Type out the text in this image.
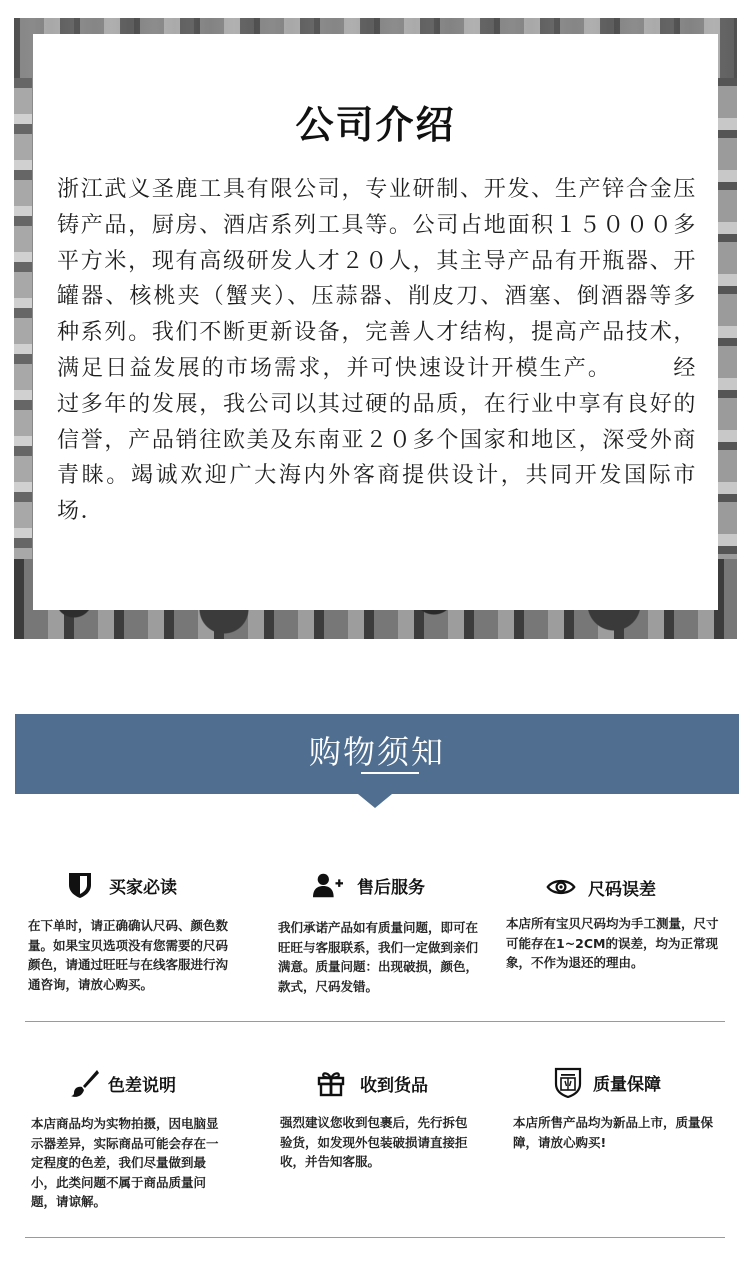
公司介绍
浙江武义圣鹿工具有限公司，专业研制、开发、生产锌合金压铸产品，厨房、酒店系列工具等。公司占地面积１５０００多平方米，现有高级研发人才２０人，其主导产品有开瓶器、开罐器、核桃夹（蟹夹）、压蒜器、削皮刀、酒塞、倒酒器等多种系列。我们不断更新设备，完善人才结构，提高产品技术，满足日益发展的市场需求，并可快速设计开模生产。　　　经过多年的发展，我公司以其过硬的品质，在行业中享有良好的信誉，产品销往欧美及东南亚２０多个国家和地区，深受外商青睐。竭诚欢迎广大海内外客商提供设计，共同开发国际市场．
购物须知
买家必读
在下单时，请正确确认尺码、颜色数量。如果宝贝选项没有您需要的尺码颜色，请通过旺旺与在线客服进行沟通咨询，请放心购买。
售后服务
我们承诺产品如有质量问题，即可在旺旺与客服联系，我们一定做到亲们满意。质量问题：出现破损，颜色，款式，尺码发错。
尺码误差
本店所有宝贝尺码均为手工测量，尺寸可能存在1~2CM的误差，均为正常现象，不作为退还的理由。
色差说明
本店商品均为实物拍摄，因电脑显示器差异，实际商品可能会存在一定程度的色差，我们尽量做到最小，此类问题不属于商品质量问题，请谅解。
收到货品
强烈建议您收到包裹后，先行拆包验货，如发现外包装破损请直接拒收，并告知客服。
质量保障
本店所售产品均为新品上市，质量保障，请放心购买!
